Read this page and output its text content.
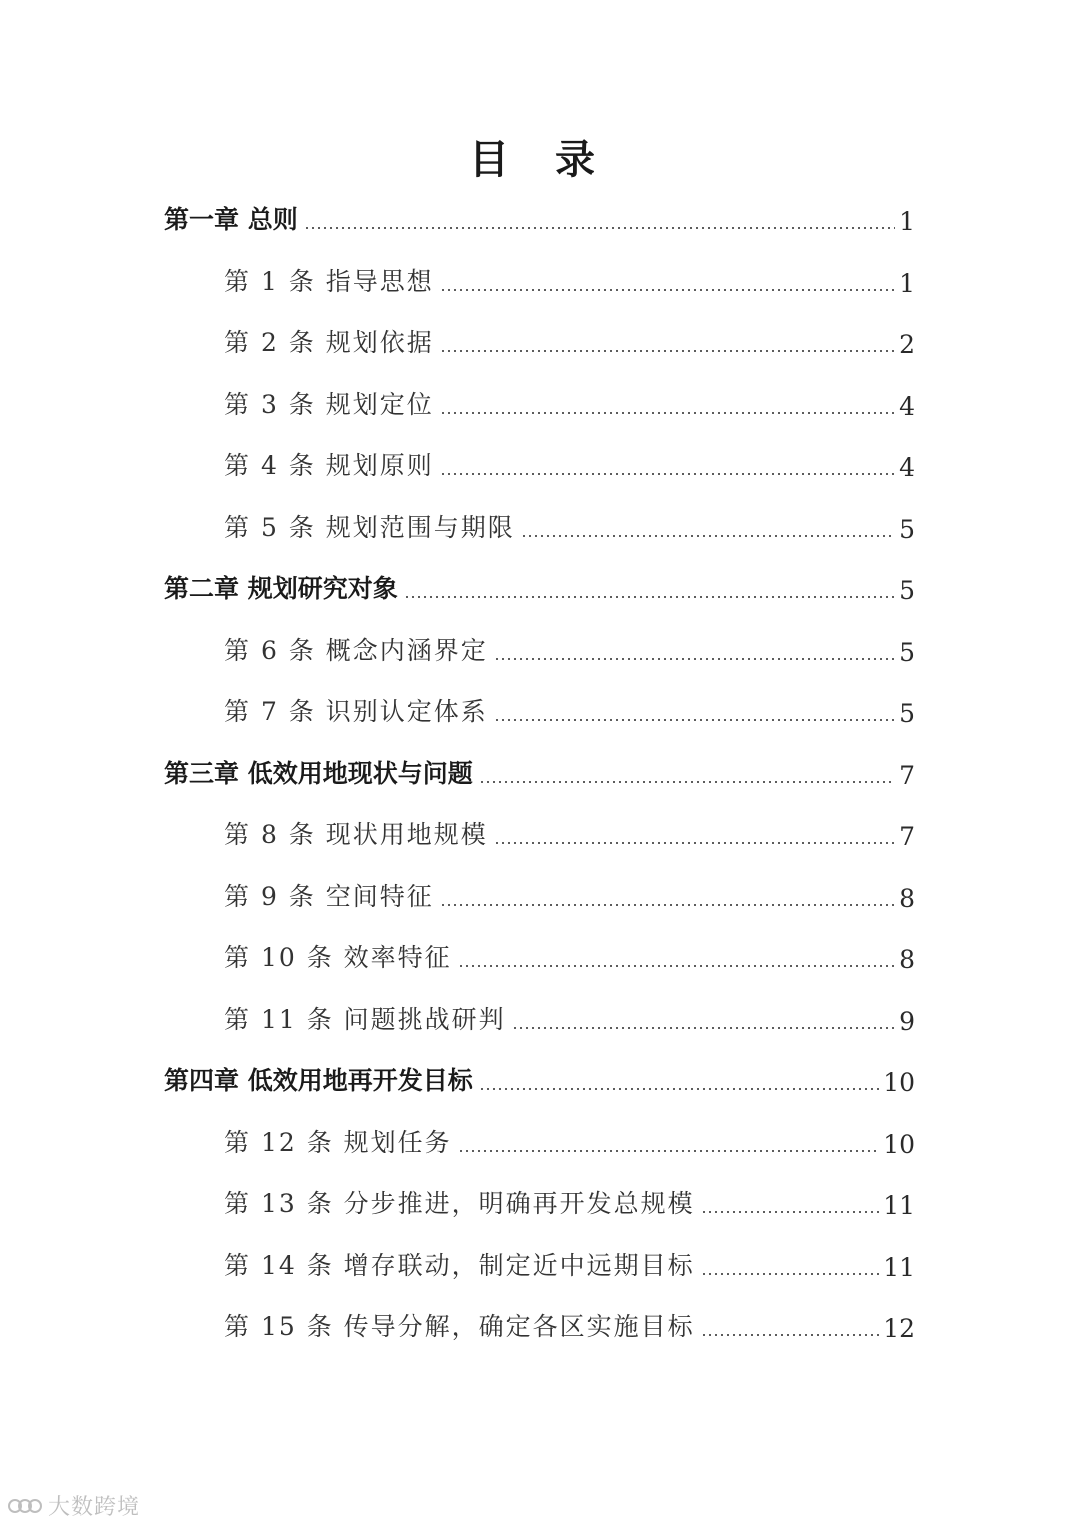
目 录
第一章 总则	1
第 1 条 指导思想	1
第 2 条 规划依据	2
第 3 条 规划定位	4
第 4 条 规划原则	4
第 5 条 规划范围与期限	5
第二章 规划研究对象	5
第 6 条 概念内涵界定	5
第 7 条 识别认定体系	5
第三章 低效用地现状与问题	7
第 8 条 现状用地规模	7
第 9 条 空间特征	8
第 10 条 效率特征	8
第 11 条 问题挑战研判	9
第四章 低效用地再开发目标	10
第 12 条 规划任务	10
第 13 条 分步推进，明确再开发总规模	11
第 14 条 增存联动，制定近中远期目标	11
第 15 条 传导分解，确定各区实施目标	12
大数跨境
